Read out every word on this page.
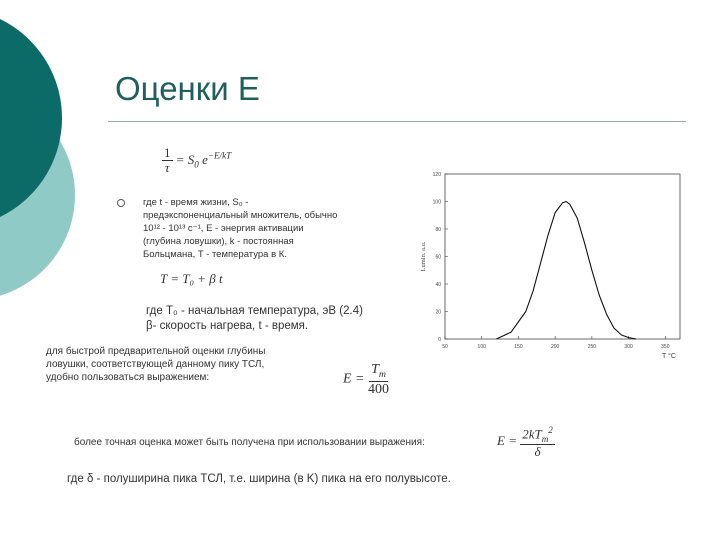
Оценки E
$\frac{1}{\tau} = S_0$ $e^{-E/kT}$
где t - время жизни, S₀ -
предэкспоненциальный множитель, обычно
10¹² - 10¹³ с⁻¹, E - энергия активации
(глубина ловушки), k - постоянная
Больцмана, T - температура в К.
T = T₀ + β t
где T₀ - начальная температура, эВ (2.4)
β- скорость нагрева, t - время.
50	100	150	200	250	300	350
0
20
40
60
80
100
120
T °C
Lumin. a.u.
для быстрой предварительной оценки глубины
ловушки, соответствующей данному пику ТСЛ,
удобно пользоваться выражением:	$E = \frac{T_m}{400}$
более точная оценка может быть получена при использовании выражения:	$E = \frac{2kT_m^2}{\delta}$
где δ - полуширина пика ТСЛ, т.е. ширина (в K) пика на его полувысоте.
